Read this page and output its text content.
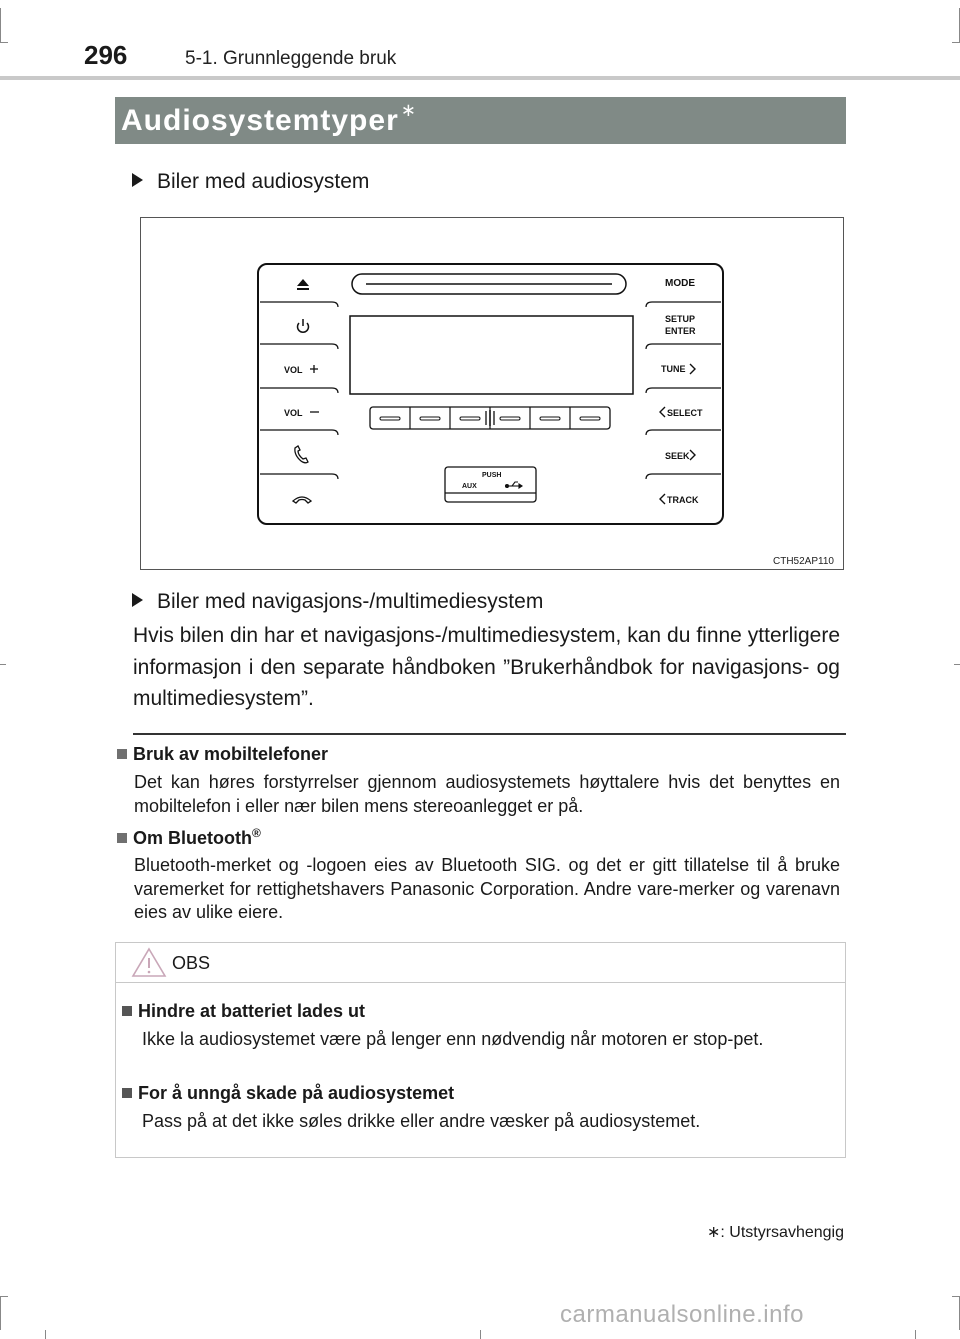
296	5-1. Grunnleggende bruk
Audiosystemtyper ∗
Biler med audiosystem
VOL
VOL
PUSH
AUX
MODE
SETUP
ENTER
TUNE
SELECT
SEEK
TRACK
CTH52AP110
Biler med navigasjons-/multimediesystem
Hvis bilen din har et navigasjons-/multimediesystem, kan du finne ytterligere informasjon i den separate håndboken ”Brukerhåndbok for navigasjons- og multimediesystem”.
Bruk av mobiltelefoner
Det kan høres forstyrrelser gjennom audiosystemets høyttalere hvis det benyttes en mobiltelefon i eller nær bilen mens stereoanlegget er på.
Om Bluetooth®
Bluetooth-merket og -logoen eies av Bluetooth SIG. og det er gitt tillatelse til å bruke varemerket for rettighetshavers Panasonic Corporation. Andre vare-merker og varenavn eies av ulike eiere.
OBS
Hindre at batteriet lades ut
Ikke la audiosystemet være på lenger enn nødvendig når motoren er stop-pet.
For å unngå skade på audiosystemet
Pass på at det ikke søles drikke eller andre væsker på audiosystemet.
∗: Utstyrsavhengig
carmanualsonline.info
